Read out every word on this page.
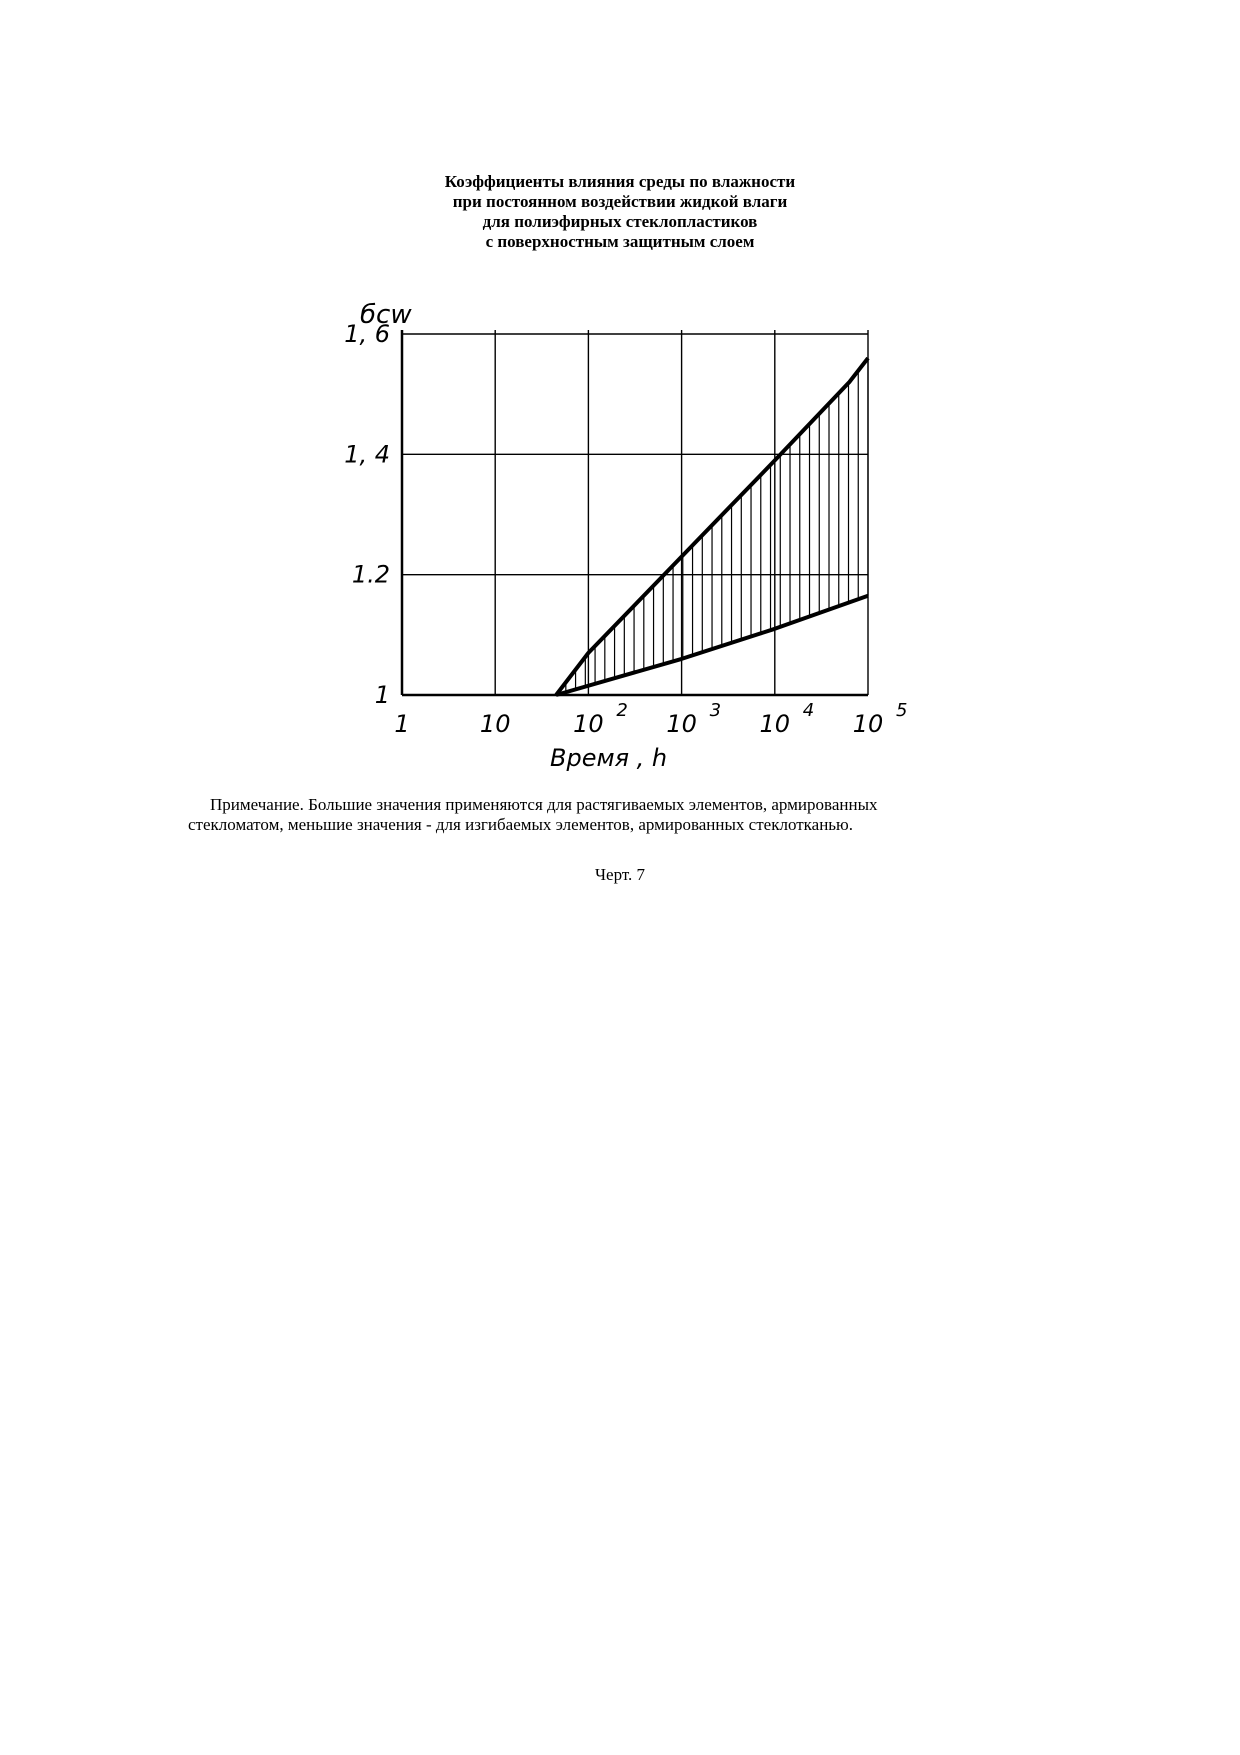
Коэффициенты влияния среды по влажности
при постоянном воздействии жидкой влаги
для полиэфирных стеклопластиков
с поверхностным защитным слоем
1
1.2
1, 4
1, 6
1	10	10 2 10 3 10 4 10 5
бcw
Время , h
Примечание. Большие значения применяются для растягиваемых элементов, армированных
стекломатом, меньшие значения - для изгибаемых элементов, армированных стеклотканью.
Черт. 7
